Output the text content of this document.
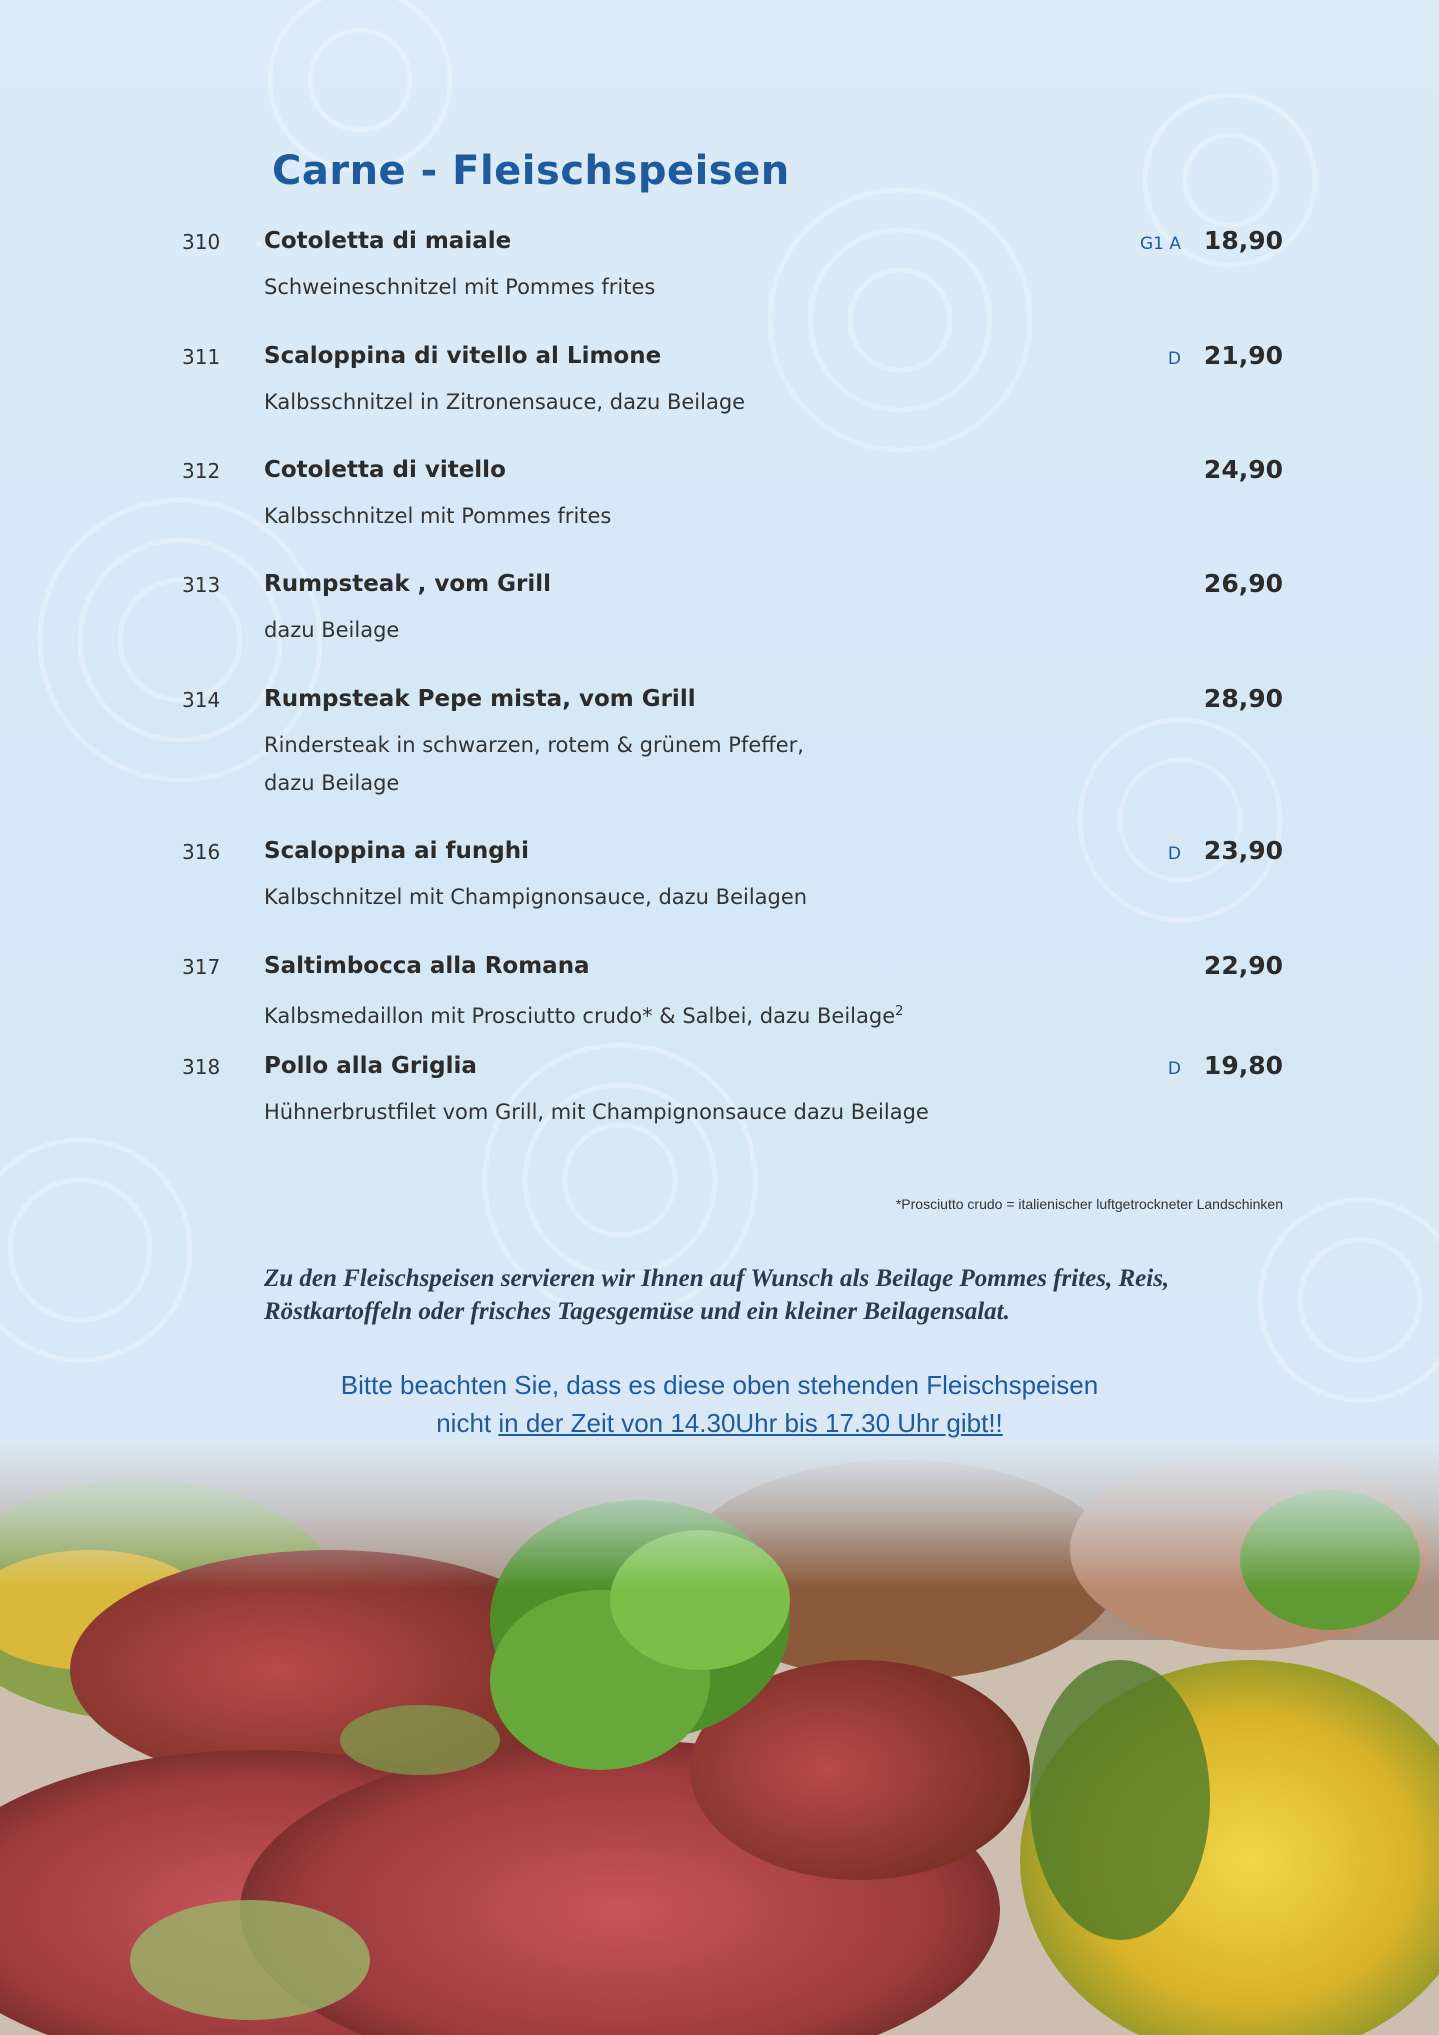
Carne - Fleischspeisen
310 Cotoletta di maiale
Schweineschnitzel mit Pommes frites
G1 A 18,90
311 Scaloppina di vitello al Limone
Kalbsschnitzel in Zitronensauce, dazu Beilage
D 21,90
312 Cotoletta di vitello
Kalbsschnitzel mit Pommes frites
24,90
313 Rumpsteak , vom Grill
dazu Beilage
26,90
314 Rumpsteak Pepe mista, vom Grill
Rindersteak in schwarzen, rotem & grünem Pfeffer,
dazu Beilage
28,90
316 Scaloppina ai funghi
Kalbschnitzel mit Champignonsauce, dazu Beilagen
D 23,90
317 Saltimbocca alla Romana
Kalbsmedaillon mit Prosciutto crudo* & Salbei, dazu Beilage$^2$
22,90
318 Pollo alla Griglia
Hühnerbrustfilet vom Grill, mit Champignonsauce dazu Beilage
D 19,80
*Prosciutto crudo = italienischer luftgetrockneter Landschinken
Zu den Fleischspeisen servieren wir Ihnen auf Wunsch als Beilage Pommes frites, Reis, Röstkartoffeln oder frisches Tagesgemüse und ein kleiner Beilagensalat.
Bitte beachten Sie, dass es diese oben stehenden Fleischspeisen
nicht in der Zeit von 14.30Uhr bis 17.30 Uhr gibt!!
